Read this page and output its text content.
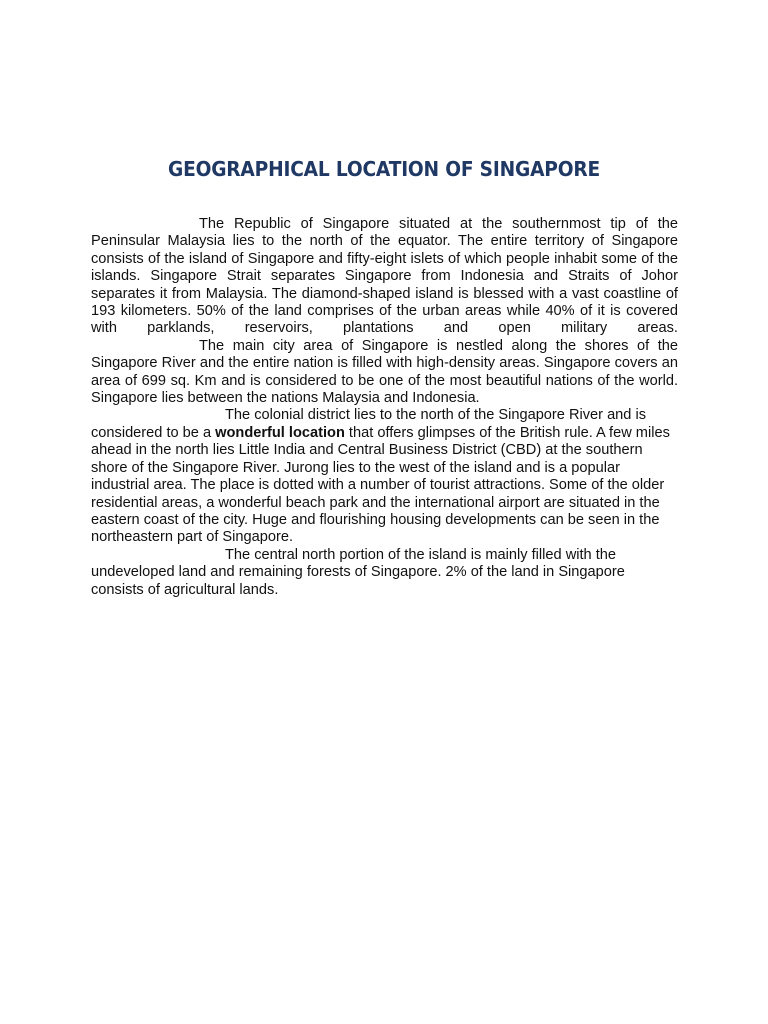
GEOGRAPHICAL LOCATION OF SINGAPORE

The Republic of Singapore situated at the southernmost tip of the Peninsular Malaysia lies to the north of the equator. The entire territory of Singapore consists of the island of Singapore and fifty-eight islets of which people inhabit some of the islands. Singapore Strait separates Singapore from Indonesia and Straits of Johor separates it from Malaysia. The diamond-shaped island is blessed with a vast coastline of 193 kilometers. 50% of the land comprises of the urban areas while 40% of it is covered with parklands, reservoirs, plantations and open military areas.

The main city area of Singapore is nestled along the shores of the Singapore River and the entire nation is filled with high-density areas. Singapore covers an area of 699 sq. Km and is considered to be one of the most beautiful nations of the world. Singapore lies between the nations Malaysia and Indonesia.

The colonial district lies to the north of the Singapore River and is considered to be a wonderful location that offers glimpses of the British rule. A few miles ahead in the north lies Little India and Central Business District (CBD) at the southern shore of the Singapore River. Jurong lies to the west of the island and is a popular industrial area. The place is dotted with a number of tourist attractions. Some of the older residential areas, a wonderful beach park and the international airport are situated in the eastern coast of the city. Huge and flourishing housing developments can be seen in the northeastern part of Singapore.

The central north portion of the island is mainly filled with the undeveloped land and remaining forests of Singapore. 2% of the land in Singapore consists of agricultural lands.
